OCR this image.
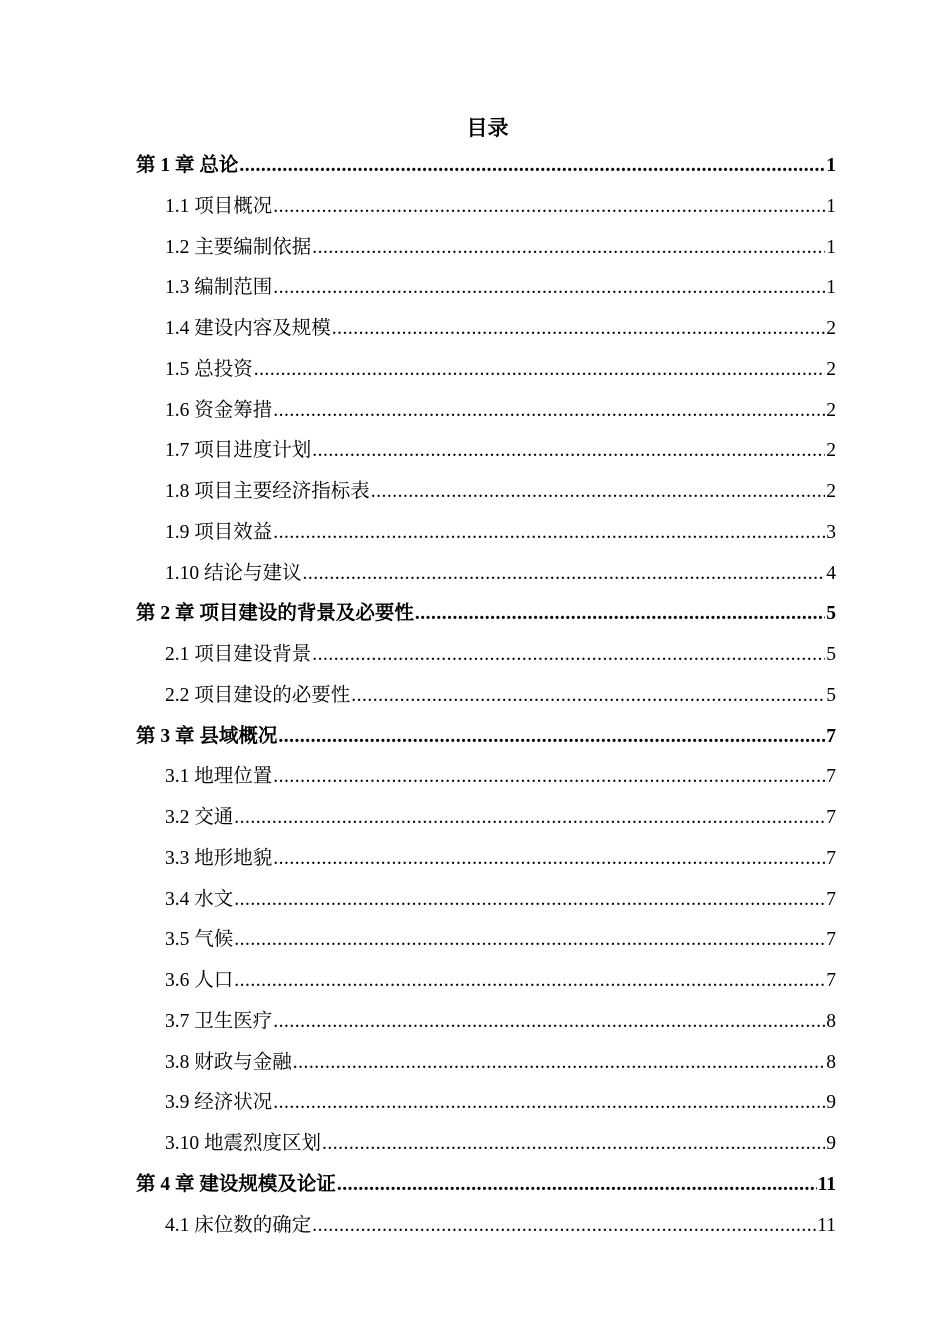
目录
第 1 章 总论 .....	1
1.1 项目概况 .....	1
1.2 主要编制依据 .....	1
1.3 编制范围 .....	1
1.4 建设内容及规模 .....	2
1.5 总投资 .....	2
1.6 资金筹措 .....	2
1.7 项目进度计划 .....	2
1.8 项目主要经济指标表 .....	2
1.9 项目效益 .....	3
1.10 结论与建议 .....	4
第 2 章 项目建设的背景及必要性 .....	5
2.1 项目建设背景 .....	5
2.2 项目建设的必要性 .....	5
第 3 章 县域概况 .....	7
3.1 地理位置 .....	7
3.2 交通 .....	7
3.3 地形地貌 .....	7
3.4 水文 .....	7
3.5 气候 .....	7
3.6 人口 .....	7
3.7 卫生医疗 .....	8
3.8 财政与金融 .....	8
3.9 经济状况 .....	9
3.10 地震烈度区划 .....	9
第 4 章 建设规模及论证 .....	11
4.1 床位数的确定 .....	11
